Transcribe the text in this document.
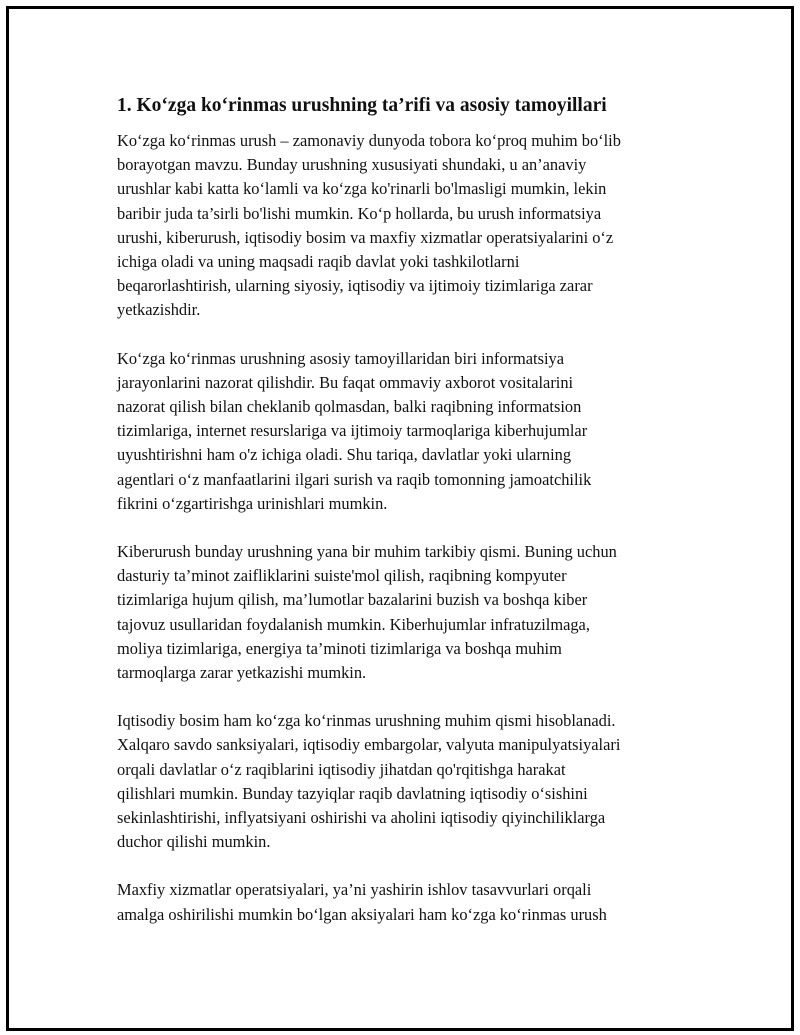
1. Ko‘zga ko‘rinmas urushning ta’rifi va asosiy tamoyillari

Ko‘zga ko‘rinmas urush – zamonaviy dunyoda tobora ko‘proq muhim bo‘lib
borayotgan mavzu. Bunday urushning xususiyati shundaki, u an’anaviy
urushlar kabi katta ko‘lamli va ko‘zga ko'rinarli bo'lmasligi mumkin, lekin
baribir juda ta’sirli bo'lishi mumkin. Ko‘p hollarda, bu urush informatsiya
urushi, kiberurush, iqtisodiy bosim va maxfiy xizmatlar operatsiyalarini o‘z
ichiga oladi va uning maqsadi raqib davlat yoki tashkilotlarni
beqarorlashtirish, ularning siyosiy, iqtisodiy va ijtimoiy tizimlariga zarar
yetkazishdir.

Ko‘zga ko‘rinmas urushning asosiy tamoyillaridan biri informatsiya
jarayonlarini nazorat qilishdir. Bu faqat ommaviy axborot vositalarini
nazorat qilish bilan cheklanib qolmasdan, balki raqibning informatsion
tizimlariga, internet resurslariga va ijtimoiy tarmoqlariga kiberhujumlar
uyushtirishni ham o'z ichiga oladi. Shu tariqa, davlatlar yoki ularning
agentlari o‘z manfaatlarini ilgari surish va raqib tomonning jamoatchilik
fikrini o‘zgartirishga urinishlari mumkin.

Kiberurush bunday urushning yana bir muhim tarkibiy qismi. Buning uchun
dasturiy ta’minot zaifliklarini suiste'mol qilish, raqibning kompyuter
tizimlariga hujum qilish, ma’lumotlar bazalarini buzish va boshqa kiber
tajovuz usullaridan foydalanish mumkin. Kiberhujumlar infratuzilmaga,
moliya tizimlariga, energiya ta’minoti tizimlariga va boshqa muhim
tarmoqlarga zarar yetkazishi mumkin.

Iqtisodiy bosim ham ko‘zga ko‘rinmas urushning muhim qismi hisoblanadi.
Xalqaro savdo sanksiyalari, iqtisodiy embargolar, valyuta manipulyatsiyalari
orqali davlatlar o‘z raqiblarini iqtisodiy jihatdan qo'rqitishga harakat
qilishlari mumkin. Bunday tazyiqlar raqib davlatning iqtisodiy o‘sishini
sekinlashtirishi, inflyatsiyani oshirishi va aholini iqtisodiy qiyinchiliklarga
duchor qilishi mumkin.

Maxfiy xizmatlar operatsiyalari, ya’ni yashirin ishlov tasavvurlari orqali
amalga oshirilishi mumkin bo‘lgan aksiyalari ham ko‘zga ko‘rinmas urush
